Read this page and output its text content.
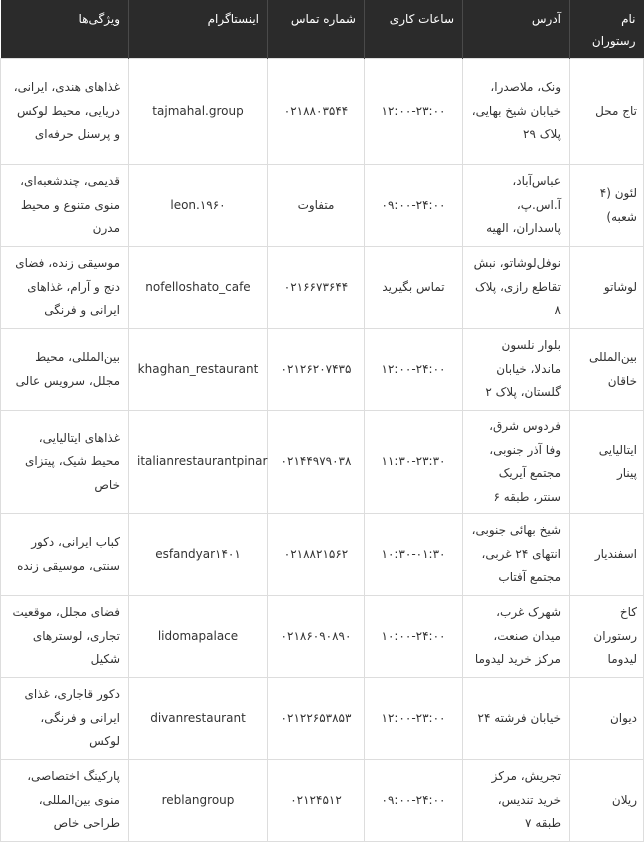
نام رستوران	آدرس	ساعات کاری	شماره تماس	اینستاگرام	ویژگی‌ها
تاج محل	ونک، ملاصدرا، خیابان شیخ بهایی، پلاک ۲۹	۱۲:۰۰-۲۳:۰۰	۰۲۱۸۸۰۳۵۴۴	tajmahal.group	غذاهای هندی، ایرانی، دریایی، محیط لوکس و پرسنل حرفه‌ای
لئون (۴ شعبه)	عباس‌آباد، آ.اس.پ، پاسداران، الهیه	۰۹:۰۰-۲۴:۰۰	متفاوت	leon.۱۹۶۰	قدیمی، چندشعبه‌ای، منوی متنوع و محیط مدرن
لوشاتو	نوفل‌لوشاتو، نبش تقاطع رازی، پلاک ۸	تماس بگیرید	۰۲۱۶۶۷۳۶۴۴	nofelloshato_cafe	موسیقی زنده، فضای دنج و آرام، غذاهای ایرانی و فرنگی
بین‌المللی خاقان	بلوار نلسون ماندلا، خیابان گلستان، پلاک ۲	۱۲:۰۰-۲۴:۰۰	۰۲۱۲۶۲۰۷۴۳۵	khaghan_restaurant	بین‌المللی، محیط مجلل، سرویس عالی
ایتالیایی پینار	فردوس شرق، وفا آذر جنوبی، مجتمع آیریک سنتر، طبقه ۶	۱۱:۳۰-۲۳:۳۰	۰۲۱۴۴۹۷۹۰۳۸	italianrestaurantpinar	غذاهای ایتالیایی، محیط شیک، پیتزای خاص
اسفندیار	شیخ بهائی جنوبی، انتهای ۲۴ غربی، مجتمع آفتاب	۱۰:۳۰-۰۱:۳۰	۰۲۱۸۸۲۱۵۶۲	esfandyar۱۴۰۱	کباب ایرانی، دکور سنتی، موسیقی زنده
کاخ رستوران لیدوما	شهرک غرب، میدان صنعت، مرکز خرید لیدوما	۱۰:۰۰-۲۴:۰۰	۰۲۱۸۶۰۹۰۸۹۰	lidomapalace	فضای مجلل، موقعیت تجاری، لوسترهای شکیل
دیوان	خیابان فرشته ۲۴	۱۲:۰۰-۲۳:۰۰	۰۲۱۲۲۶۵۳۸۵۳	divanrestaurant	دکور قاجاری، غذای ایرانی و فرنگی، لوکس
ریلان	تجریش، مرکز خرید تندیس، طبقه ۷	۰۹:۰۰-۲۴:۰۰	۰۲۱۲۴۵۱۲	reblangroup	پارکینگ اختصاصی، منوی بین‌المللی، طراحی خاص
